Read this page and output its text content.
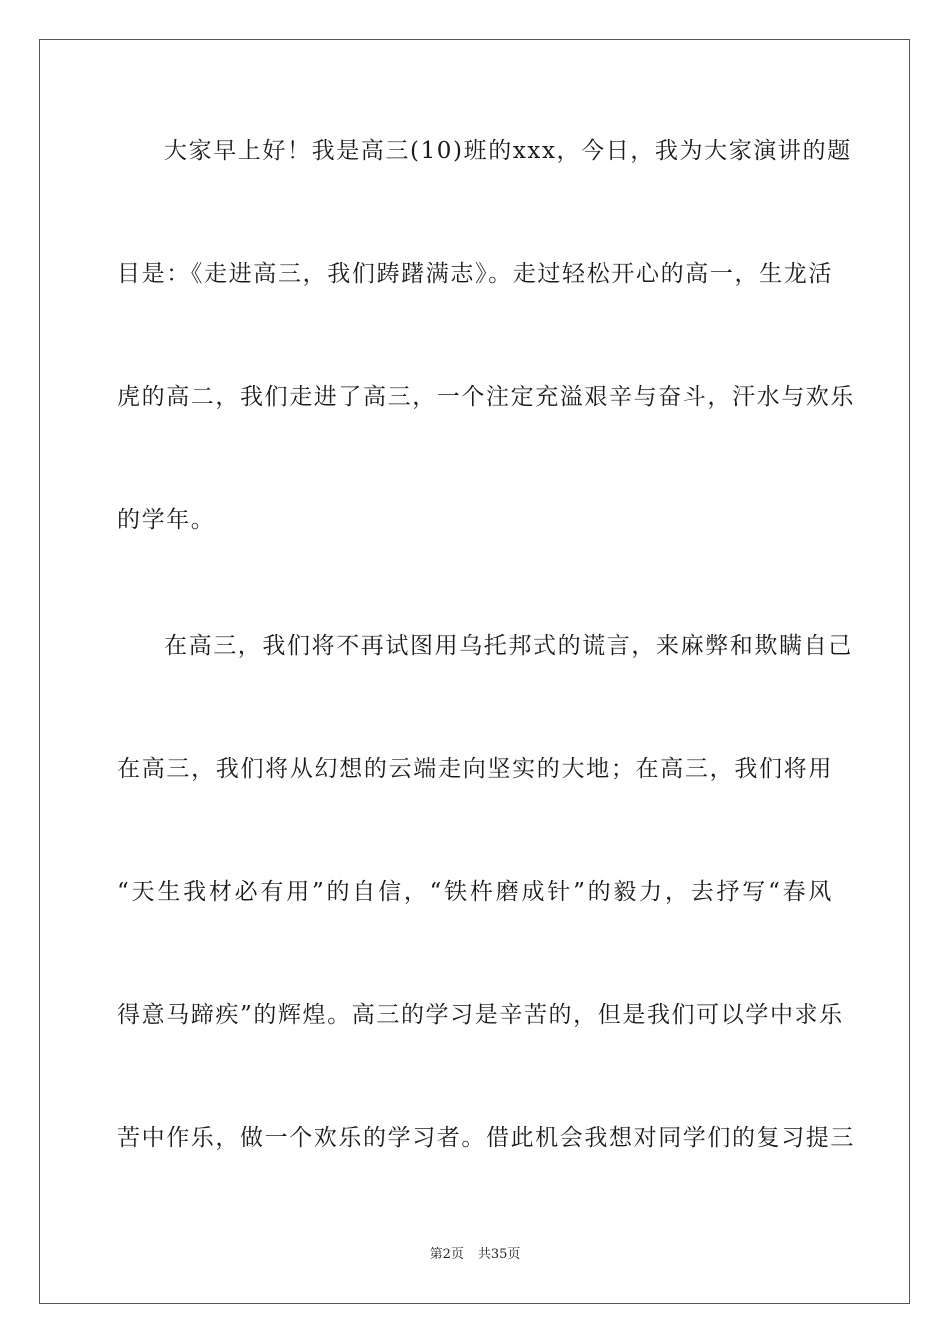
大家早上好！我是高三(10)班的xxx，今日，我为大家演讲的题
目是：《走进高三，我们踌躇满志》。走过轻松开心的高一，生龙活
虎的高二，我们走进了高三，一个注定充溢艰辛与奋斗，汗水与欢乐
的学年。
在高三，我们将不再试图用乌托邦式的谎言，来麻弊和欺瞒自己
在高三，我们将从幻想的云端走向坚实的大地；在高三，我们将用
“天生我材必有用”的自信，“铁杵磨成针”的毅力，去抒写“春风
得意马蹄疾”的辉煌。高三的学习是辛苦的，但是我们可以学中求乐
苦中作乐，做一个欢乐的学习者。借此机会我想对同学们的复习提三
第2页 共35页
